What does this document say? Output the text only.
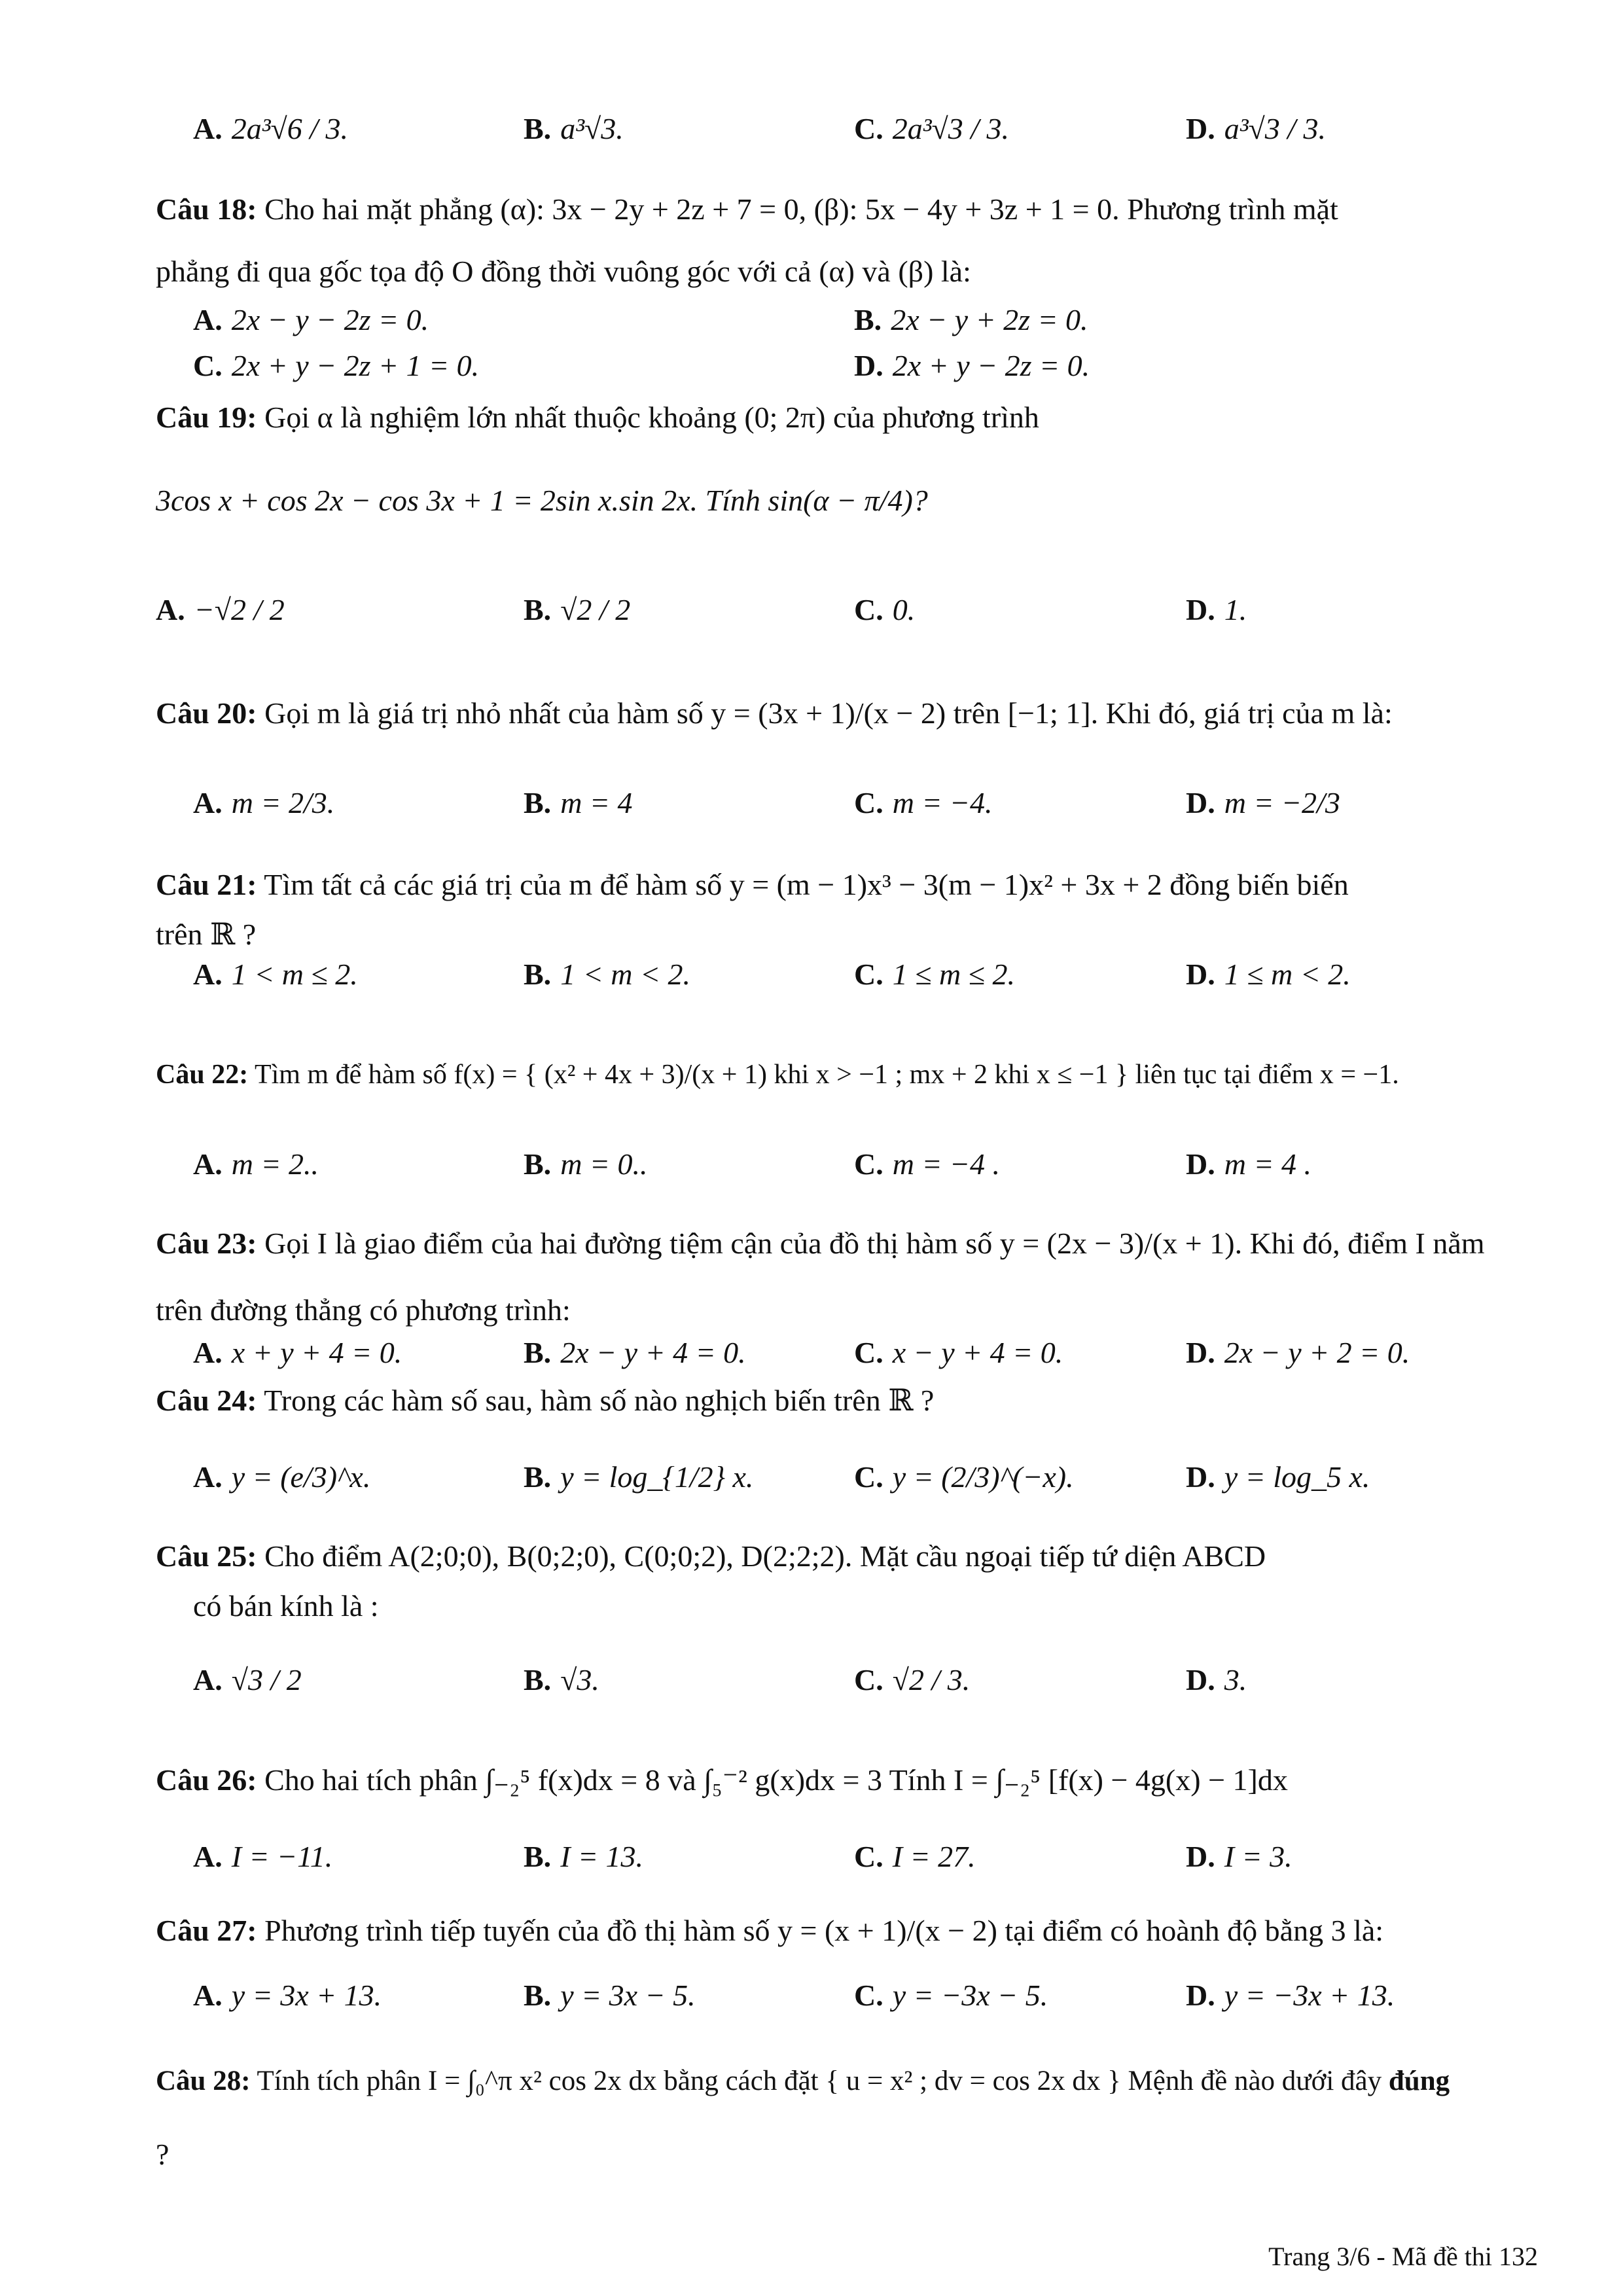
A. 2a³√6 / 3.	B. a³√3.	C. 2a³√3 / 3.	D. a³√3 / 3.
Câu 18: Cho hai mặt phẳng (α): 3x − 2y + 2z + 7 = 0, (β): 5x − 4y + 3z + 1 = 0. Phương trình mặt
phẳng đi qua gốc tọa độ O đồng thời vuông góc với cả (α) và (β) là:
A. 2x − y − 2z = 0.	B. 2x − y + 2z = 0.
C. 2x + y − 2z + 1 = 0.	D. 2x + y − 2z = 0.
Câu 19: Gọi α là nghiệm lớn nhất thuộc khoảng (0; 2π) của phương trình
3cos x + cos 2x − cos 3x + 1 = 2sin x.sin 2x. Tính sin(α − π/4)?
A. −√2 / 2	B. √2 / 2	C. 0.	D. 1.
Câu 20: Gọi m là giá trị nhỏ nhất của hàm số y = (3x + 1)/(x − 2) trên [−1; 1]. Khi đó, giá trị của m là:
A. m = 2/3.	B. m = 4	C. m = −4.	D. m = −2/3
Câu 21: Tìm tất cả các giá trị của m để hàm số y = (m − 1)x³ − 3(m − 1)x² + 3x + 2 đồng biến biến
trên ℝ ?
A. 1 < m ≤ 2.	B. 1 < m < 2.	C. 1 ≤ m ≤ 2.	D. 1 ≤ m < 2.
Câu 22: Tìm m để hàm số f(x) = { (x² + 4x + 3)/(x + 1) khi x > −1 ; mx + 2 khi x ≤ −1 } liên tục tại điểm x = −1.
A. m = 2..	B. m = 0..	C. m = −4 .	D. m = 4 .
Câu 23: Gọi I là giao điểm của hai đường tiệm cận của đồ thị hàm số y = (2x − 3)/(x + 1). Khi đó, điểm I nằm
trên đường thẳng có phương trình:
A. x + y + 4 = 0.	B. 2x − y + 4 = 0.	C. x − y + 4 = 0.	D. 2x − y + 2 = 0.
Câu 24: Trong các hàm số sau, hàm số nào nghịch biến trên ℝ ?
A. y = (e/3)^x.	B. y = log_{1/2} x.	C. y = (2/3)^(−x).	D. y = log_5 x.
Câu 25: Cho điểm A(2;0;0), B(0;2;0), C(0;0;2), D(2;2;2). Mặt cầu ngoại tiếp tứ diện ABCD
có bán kính là :
A. √3 / 2	B. √3.	C. √2 / 3.	D. 3.
Câu 26: Cho hai tích phân ∫₋₂⁵ f(x)dx = 8 và ∫₅⁻² g(x)dx = 3 Tính I = ∫₋₂⁵ [f(x) − 4g(x) − 1]dx
A. I = −11.	B. I = 13.	C. I = 27.	D. I = 3.
Câu 27: Phương trình tiếp tuyến của đồ thị hàm số y = (x + 1)/(x − 2) tại điểm có hoành độ bằng 3 là:
A. y = 3x + 13.	B. y = 3x − 5.	C. y = −3x − 5.	D. y = −3x + 13.
Câu 28: Tính tích phân I = ∫₀^π x² cos 2x dx bằng cách đặt { u = x² ; dv = cos 2x dx } Mệnh đề nào dưới đây đúng
?
Trang 3/6 - Mã đề thi 132
